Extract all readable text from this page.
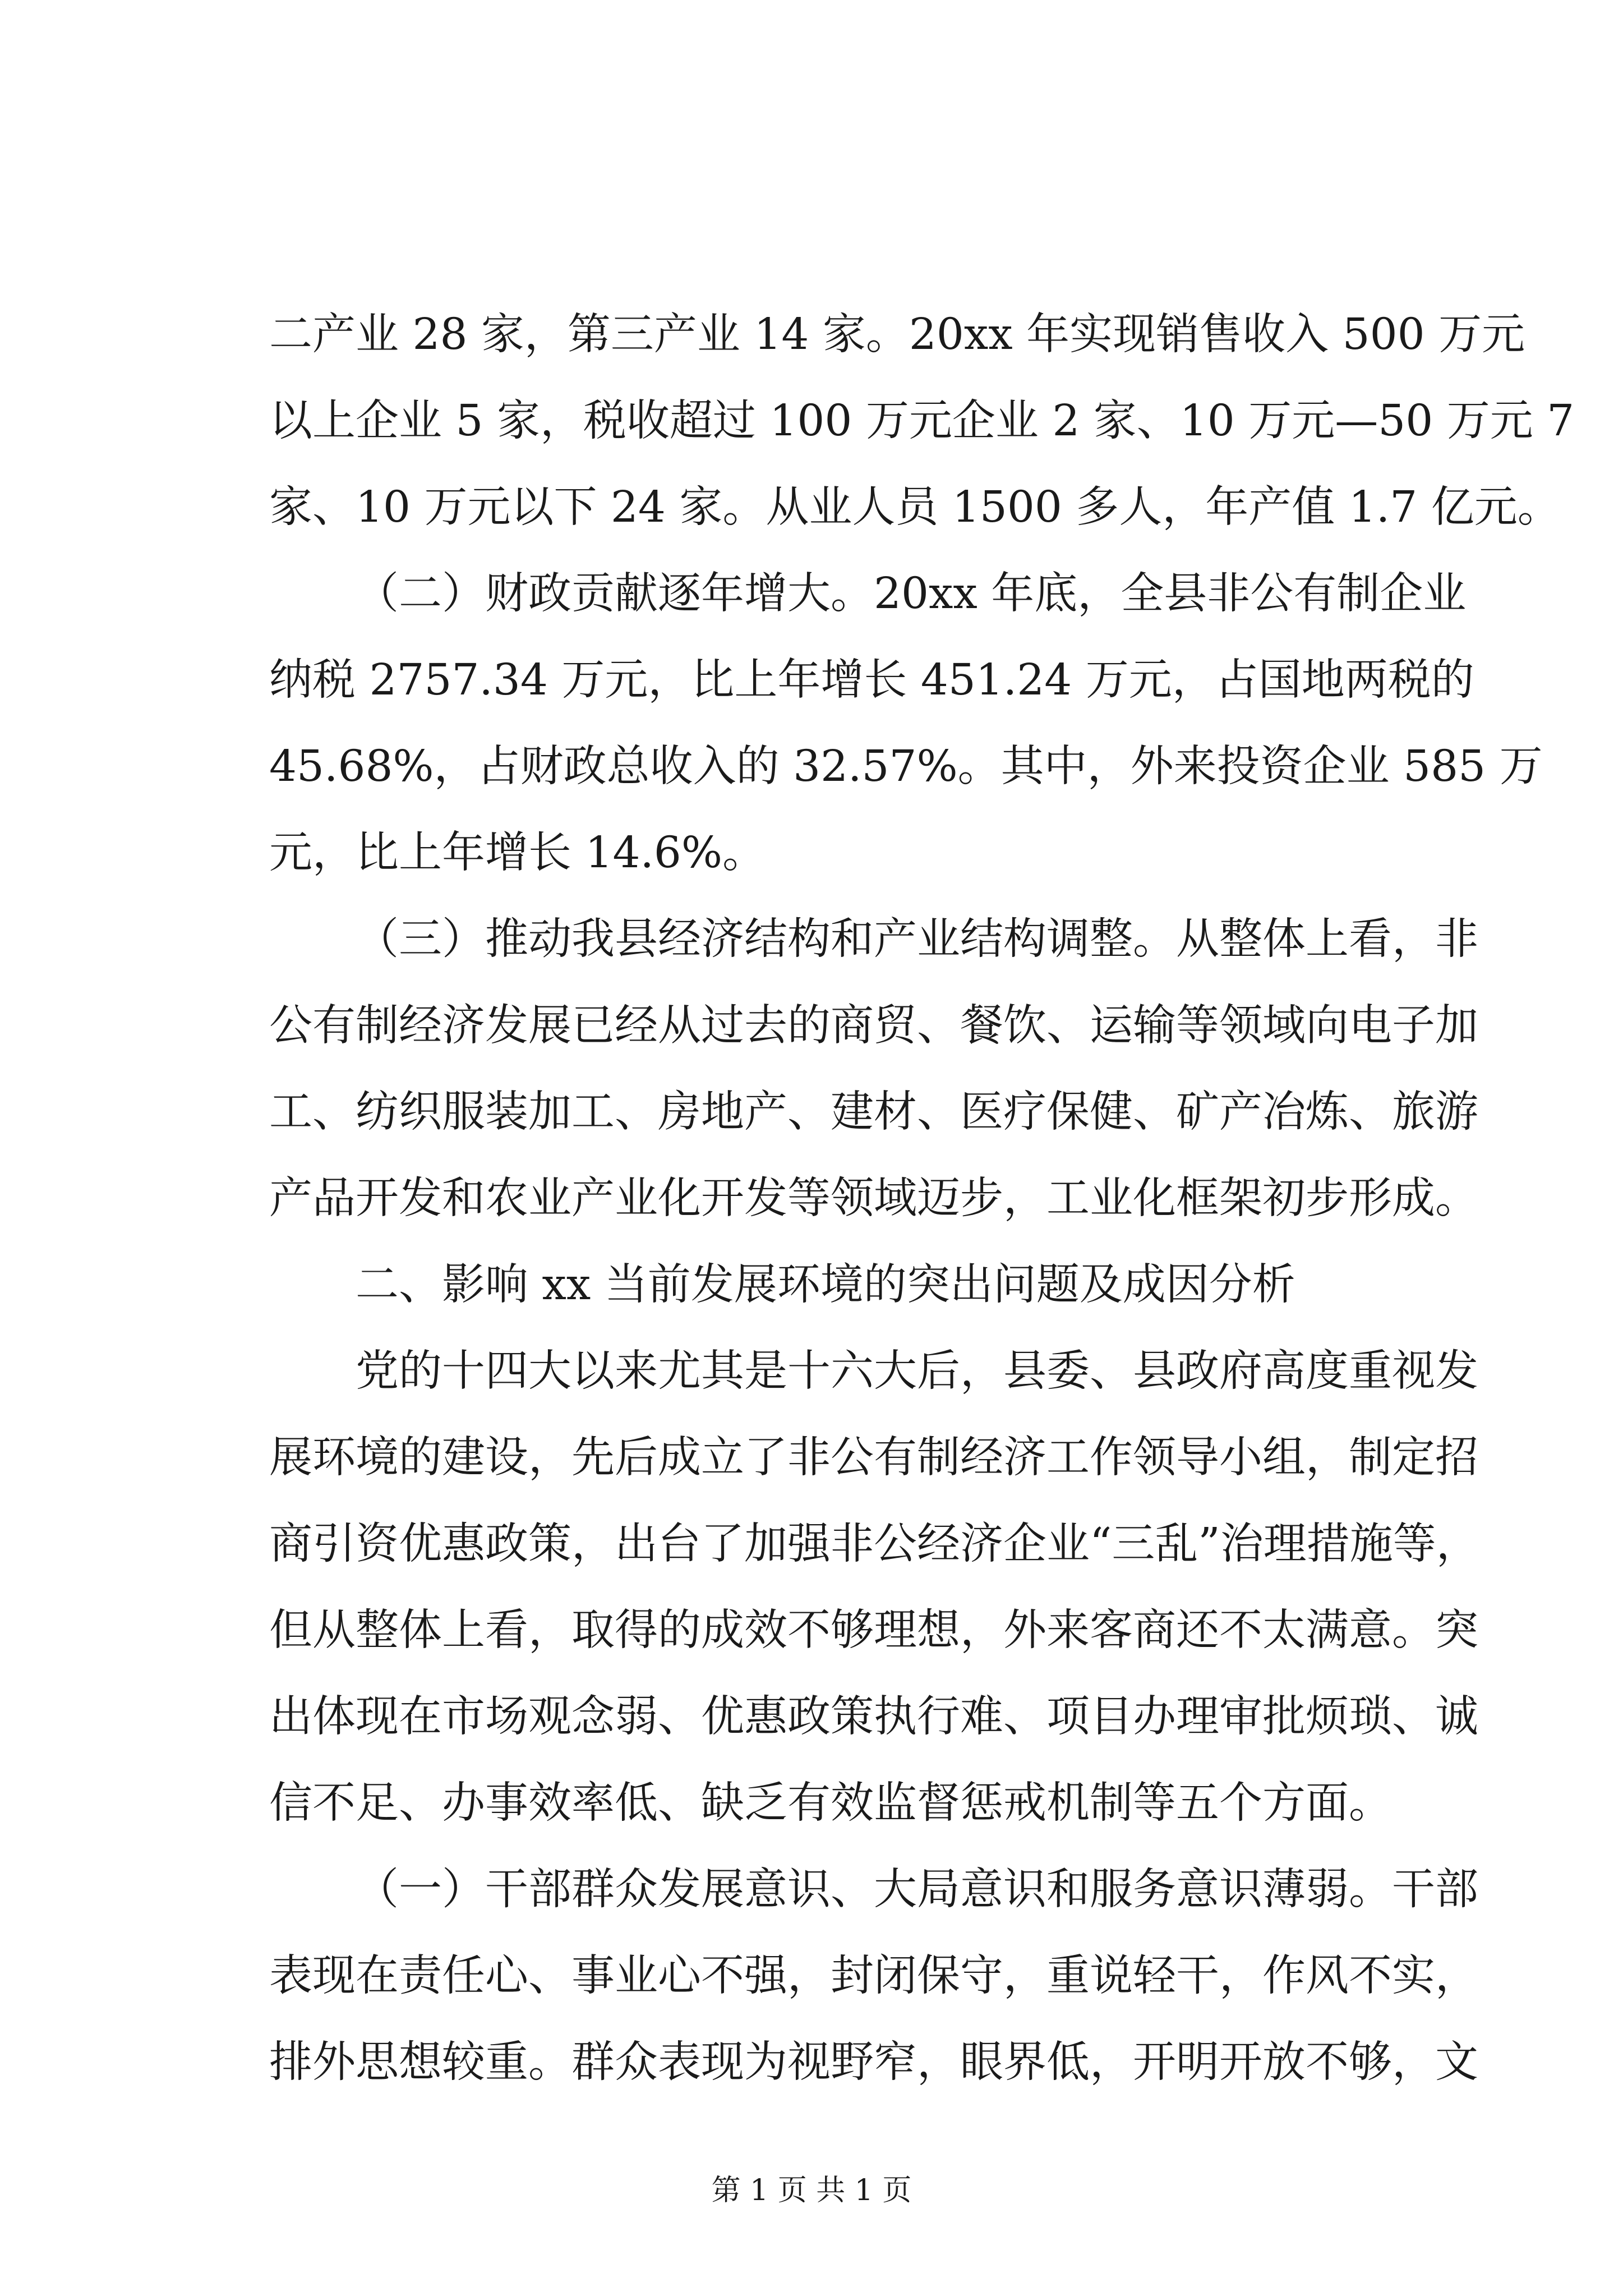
二产业 28 家，第三产业 14 家。20xx 年实现销售收入 500 万元
以上企业 5 家，税收超过 100 万元企业 2 家、10 万元—50 万元 7
家、10 万元以下 24 家。从业人员 1500 多人，年产值 1.7 亿元。
（二）财政贡献逐年增大。20xx 年底，全县非公有制企业
纳税 2757.34 万元，比上年增长 451.24 万元，占国地两税的
45.68%，占财政总收入的 32.57%。其中，外来投资企业 585 万
元，比上年增长 14.6%。
（三）推动我县经济结构和产业结构调整。从整体上看，非
公有制经济发展已经从过去的商贸、餐饮、运输等领域向电子加
工、纺织服装加工、房地产、建材、医疗保健、矿产冶炼、旅游
产品开发和农业产业化开发等领域迈步，工业化框架初步形成。
二、影响 xx 当前发展环境的突出问题及成因分析
党的十四大以来尤其是十六大后，县委、县政府高度重视发
展环境的建设，先后成立了非公有制经济工作领导小组，制定招
商引资优惠政策，出台了加强非公经济企业“三乱”治理措施等，
但从整体上看，取得的成效不够理想，外来客商还不太满意。突
出体现在市场观念弱、优惠政策执行难、项目办理审批烦琐、诚
信不足、办事效率低、缺乏有效监督惩戒机制等五个方面。
（一）干部群众发展意识、大局意识和服务意识薄弱。干部
表现在责任心、事业心不强，封闭保守，重说轻干，作风不实，
排外思想较重。群众表现为视野窄，眼界低，开明开放不够，文
第 1 页 共 1 页
